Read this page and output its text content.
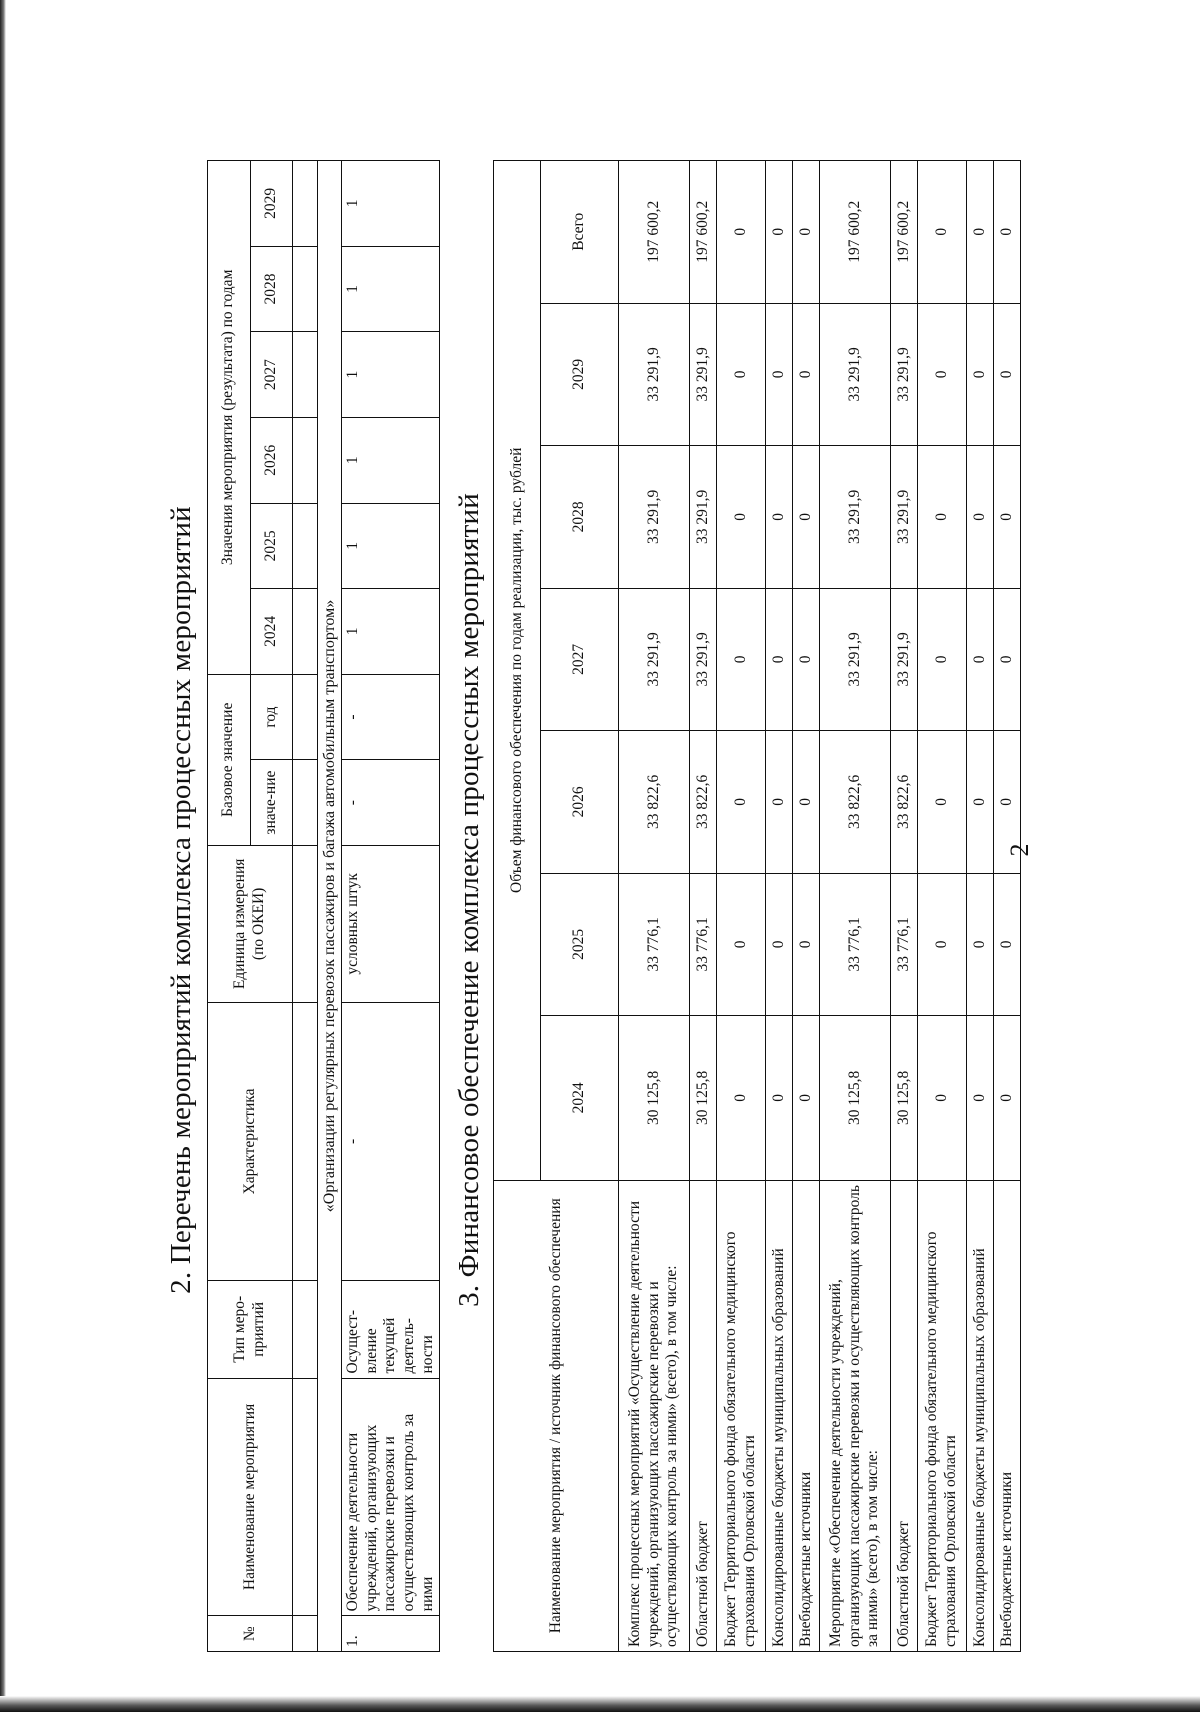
2
2. Перечень мероприятий комплекса процессных мероприятий
№	Наименование мероприятия	Тип меро-приятий	Характеристика	Единица измерения (по ОКЕИ)	Базовое значение		Значения мероприятия (результата) по годам					
					значе-ние	год	2024	2025	2026	2027	2028	2029

«Организации регулярных перевозок пассажиров и багажа автомобильным транспортом»												
1.	Обеспечение деятельности учреждений, организующих пассажирские перевозки и осуществляющих контроль за ними	Осущест-вление текущей деятель-ности	-	условных штук	-	-	1	1	1	1	1	1
3. Финансовое обеспечение комплекса процессных мероприятий
Наименование мероприятия / источник финансового обеспечения	Объем финансового обеспечения по годам реализации, тыс. рублей						
	2024	2025	2026	2027	2028	2029	Всего
Комплекс процессных мероприятий «Осуществление деятельности учреждений, организующих пассажирские перевозки и осуществляющих контроль за ними» (всего), в том числе:	30 125,8	33 776,1	33 822,6	33 291,9	33 291,9	33 291,9	197 600,2
Областной бюджет	30 125,8	33 776,1	33 822,6	33 291,9	33 291,9	33 291,9	197 600,2
Бюджет Территориального фонда обязательного медицинского страхования Орловской области	0	0	0	0	0	0	0
Консолидированные бюджеты муниципальных образований	0	0	0	0	0	0	0
Внебюджетные источники	0	0	0	0	0	0	0
Мероприятие «Обеспечение деятельности учреждений, организующих пассажирские перевозки и осуществляющих контроль за ними» (всего), в том числе:	30 125,8	33 776,1	33 822,6	33 291,9	33 291,9	33 291,9	197 600,2
Областной бюджет	30 125,8	33 776,1	33 822,6	33 291,9	33 291,9	33 291,9	197 600,2
Бюджет Территориального фонда обязательного медицинского страхования Орловской области	0	0	0	0	0	0	0
Консолидированные бюджеты муниципальных образований	0	0	0	0	0	0	0
Внебюджетные источники	0	0	0	0	0	0	0
